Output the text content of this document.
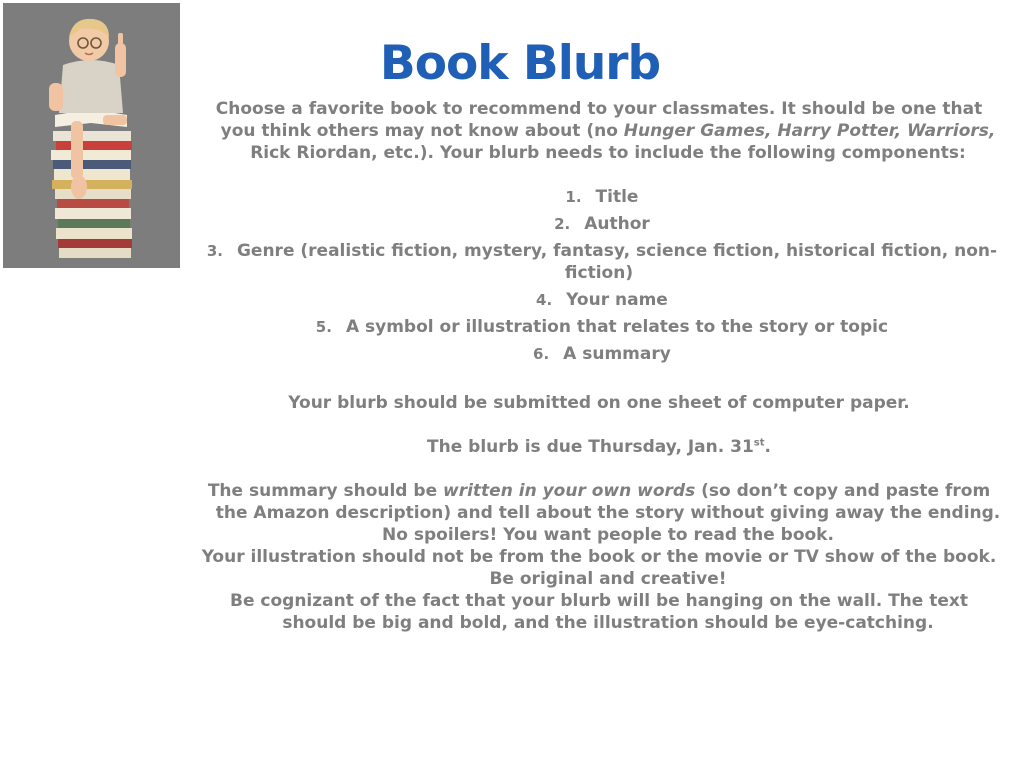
Book Blurb

Choose a favorite book to recommend to your classmates. It should be one that you think others may not know about (no Hunger Games, Harry Potter, Warriors, Rick Riordan, etc.). Your blurb needs to include the following components:

1. Title

2. Author

3. Genre (realistic fiction, mystery, fantasy, science fiction, historical fiction, non-fiction)

4. Your name

5. A symbol or illustration that relates to the story or topic

6. A summary

Your blurb should be submitted on one sheet of computer paper.

The blurb is due Thursday, Jan. 31st.

The summary should be written in your own words (so don’t copy and paste from the Amazon description) and tell about the story without giving away the ending. No spoilers! You want people to read the book.

Your illustration should not be from the book or the movie or TV show of the book. Be original and creative!

Be cognizant of the fact that your blurb will be hanging on the wall. The text should be big and bold, and the illustration should be eye-catching.
